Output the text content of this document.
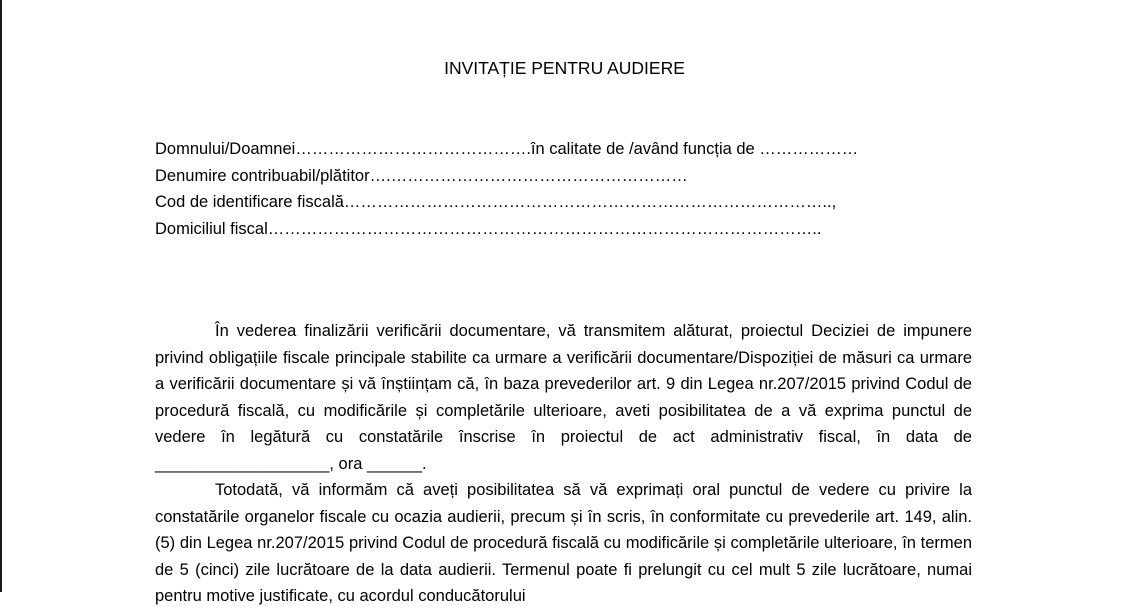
INVITAȚIE PENTRU AUDIERE
Domnului/Doamnei…………………………………….în calitate de /având funcția de ………………
Denumire contribuabil/plătitor….………………………………………………
Cod de identificare fiscală……………………………………………………………………………..,
Domiciliul fiscal………………………………………………………………………………………..

În vederea finalizării verificării documentare, vă transmitem alăturat, proiectul Deciziei de impunere privind obligațiile fiscale principale stabilite ca urmare a verificării documentare/Dispoziției de măsuri ca urmare a verificării documentare și vă înștiințam că, în baza prevederilor art. 9 din Legea nr.207/2015 privind Codul de procedură fiscală, cu modificările și completările ulterioare, aveti posibilitatea de a vă exprima punctul de vedere în legătură cu constatările înscrise în proiectul de act administrativ fiscal, în data de ___________________, ora ______.

Totodată, vă informăm că aveți posibilitatea să vă exprimați oral punctul de vedere cu privire la constatările organelor fiscale cu ocazia audierii, precum și în scris, în conformitate cu prevederile art. 149, alin. (5) din Legea nr.207/2015 privind Codul de procedură fiscală cu modificările și completările ulterioare, în termen de 5 (cinci) zile lucrătoare de la data audierii. Termenul poate fi prelungit cu cel mult 5 zile lucrătoare, numai pentru motive justificate, cu acordul conducătorului
